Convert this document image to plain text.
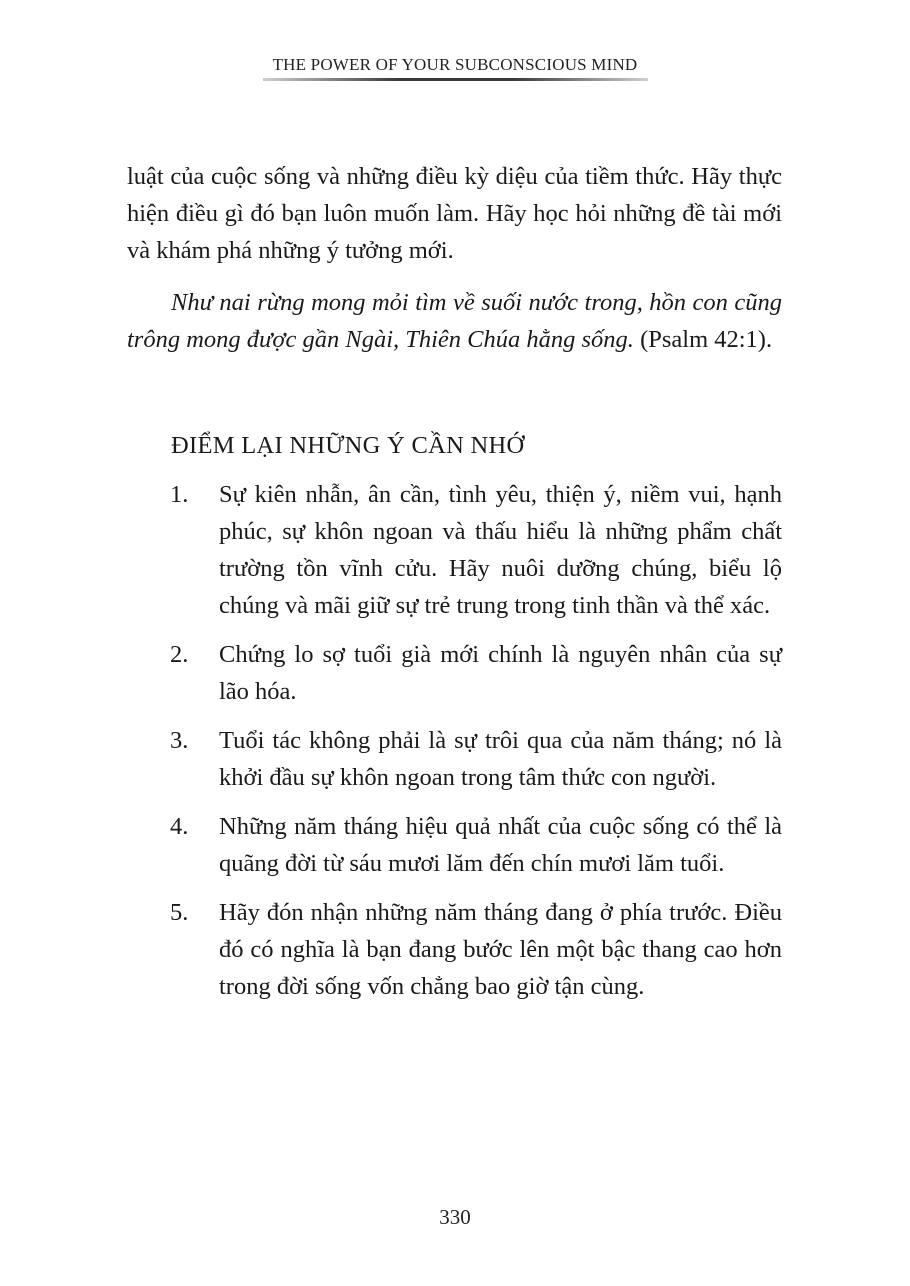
THE POWER OF YOUR SUBCONSCIOUS MIND

luật của cuộc sống và những điều kỳ diệu của tiềm thức. Hãy thực hiện điều gì đó bạn luôn muốn làm. Hãy học hỏi những đề tài mới và khám phá những ý tưởng mới.

Như nai rừng mong mỏi tìm về suối nước trong, hồn con cũng trông mong được gần Ngài, Thiên Chúa hằng sống. (Psalm 42:1).

ĐIỂM LẠI NHỮNG Ý CẦN NHỚ
1.	Sự kiên nhẫn, ân cần, tình yêu, thiện ý, niềm vui, hạnh phúc, sự khôn ngoan và thấu hiểu là những phẩm chất trường tồn vĩnh cửu. Hãy nuôi dưỡng chúng, biểu lộ chúng và mãi giữ sự trẻ trung trong tinh thần và thể xác.
2.	Chứng lo sợ tuổi già mới chính là nguyên nhân của sự lão hóa.
3.	Tuổi tác không phải là sự trôi qua của năm tháng; nó là khởi đầu sự khôn ngoan trong tâm thức con người.
4.	Những năm tháng hiệu quả nhất của cuộc sống có thể là quãng đời từ sáu mươi lăm đến chín mươi lăm tuổi.
5.	Hãy đón nhận những năm tháng đang ở phía trước. Điều đó có nghĩa là bạn đang bước lên một bậc thang cao hơn trong đời sống vốn chẳng bao giờ tận cùng.
330
